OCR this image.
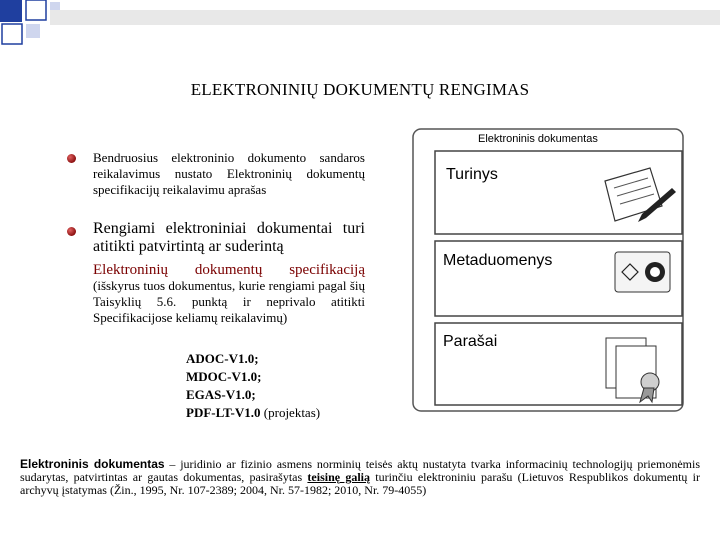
ELEKTRONINIŲ DOKUMENTŲ RENGIMAS
Bendruosius elektroninio dokumento sandaros reikalavimus nustato Elektroninių dokumentų specifikacijų reikalavimu aprašas
Rengiami elektroniniai dokumentai turi atitikti patvirtintą ar suderintą
Elektroninių dokumentų specifikaciją (išskyrus tuos dokumentus, kurie rengiami pagal šių Taisyklių 5.6. punktą ir neprivalo atitikti Specifikacijose keliamų reikalavimų)
ADOC-V1.0;
MDOC-V1.0;
EGAS-V1.0;
PDF-LT-V1.0 (projektas)
Elektroninis dokumentas
Turinys
Metaduomenys
Parašai
Elektroninis dokumentas – juridinio ar fizinio asmens norminių teisės aktų nustatyta tvarka informacinių technologijų priemonėmis sudarytas, patvirtintas ar gautas dokumentas, pasirašytas teisinę galią turinčiu elektroniniu parašu (Lietuvos Respublikos dokumentų ir archyvų įstatymas (Žin., 1995, Nr. 107-2389; 2004, Nr. 57-1982; 2010, Nr. 79-4055)
